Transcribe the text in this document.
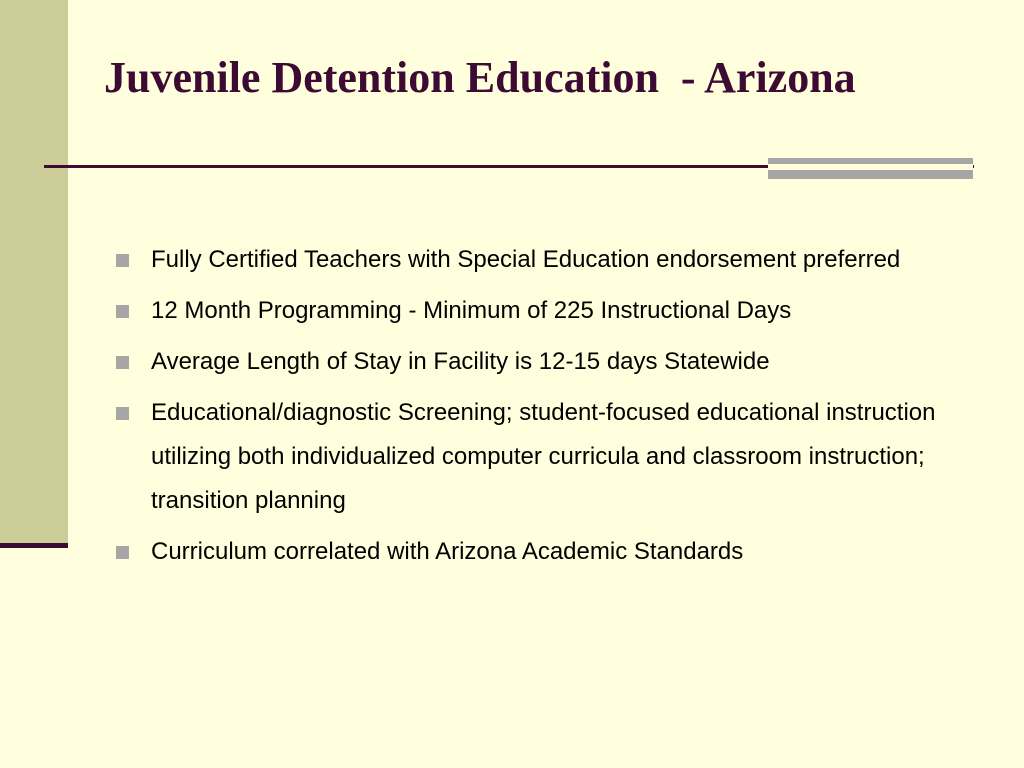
Juvenile Detention Education  - Arizona
Fully Certified Teachers with Special Education endorsement preferred
12 Month Programming - Minimum of 225 Instructional Days
Average Length of Stay in Facility is 12-15 days Statewide
Educational/diagnostic Screening; student-focused educational instruction utilizing both individualized computer curricula and classroom instruction; transition planning
Curriculum correlated with Arizona Academic Standards
